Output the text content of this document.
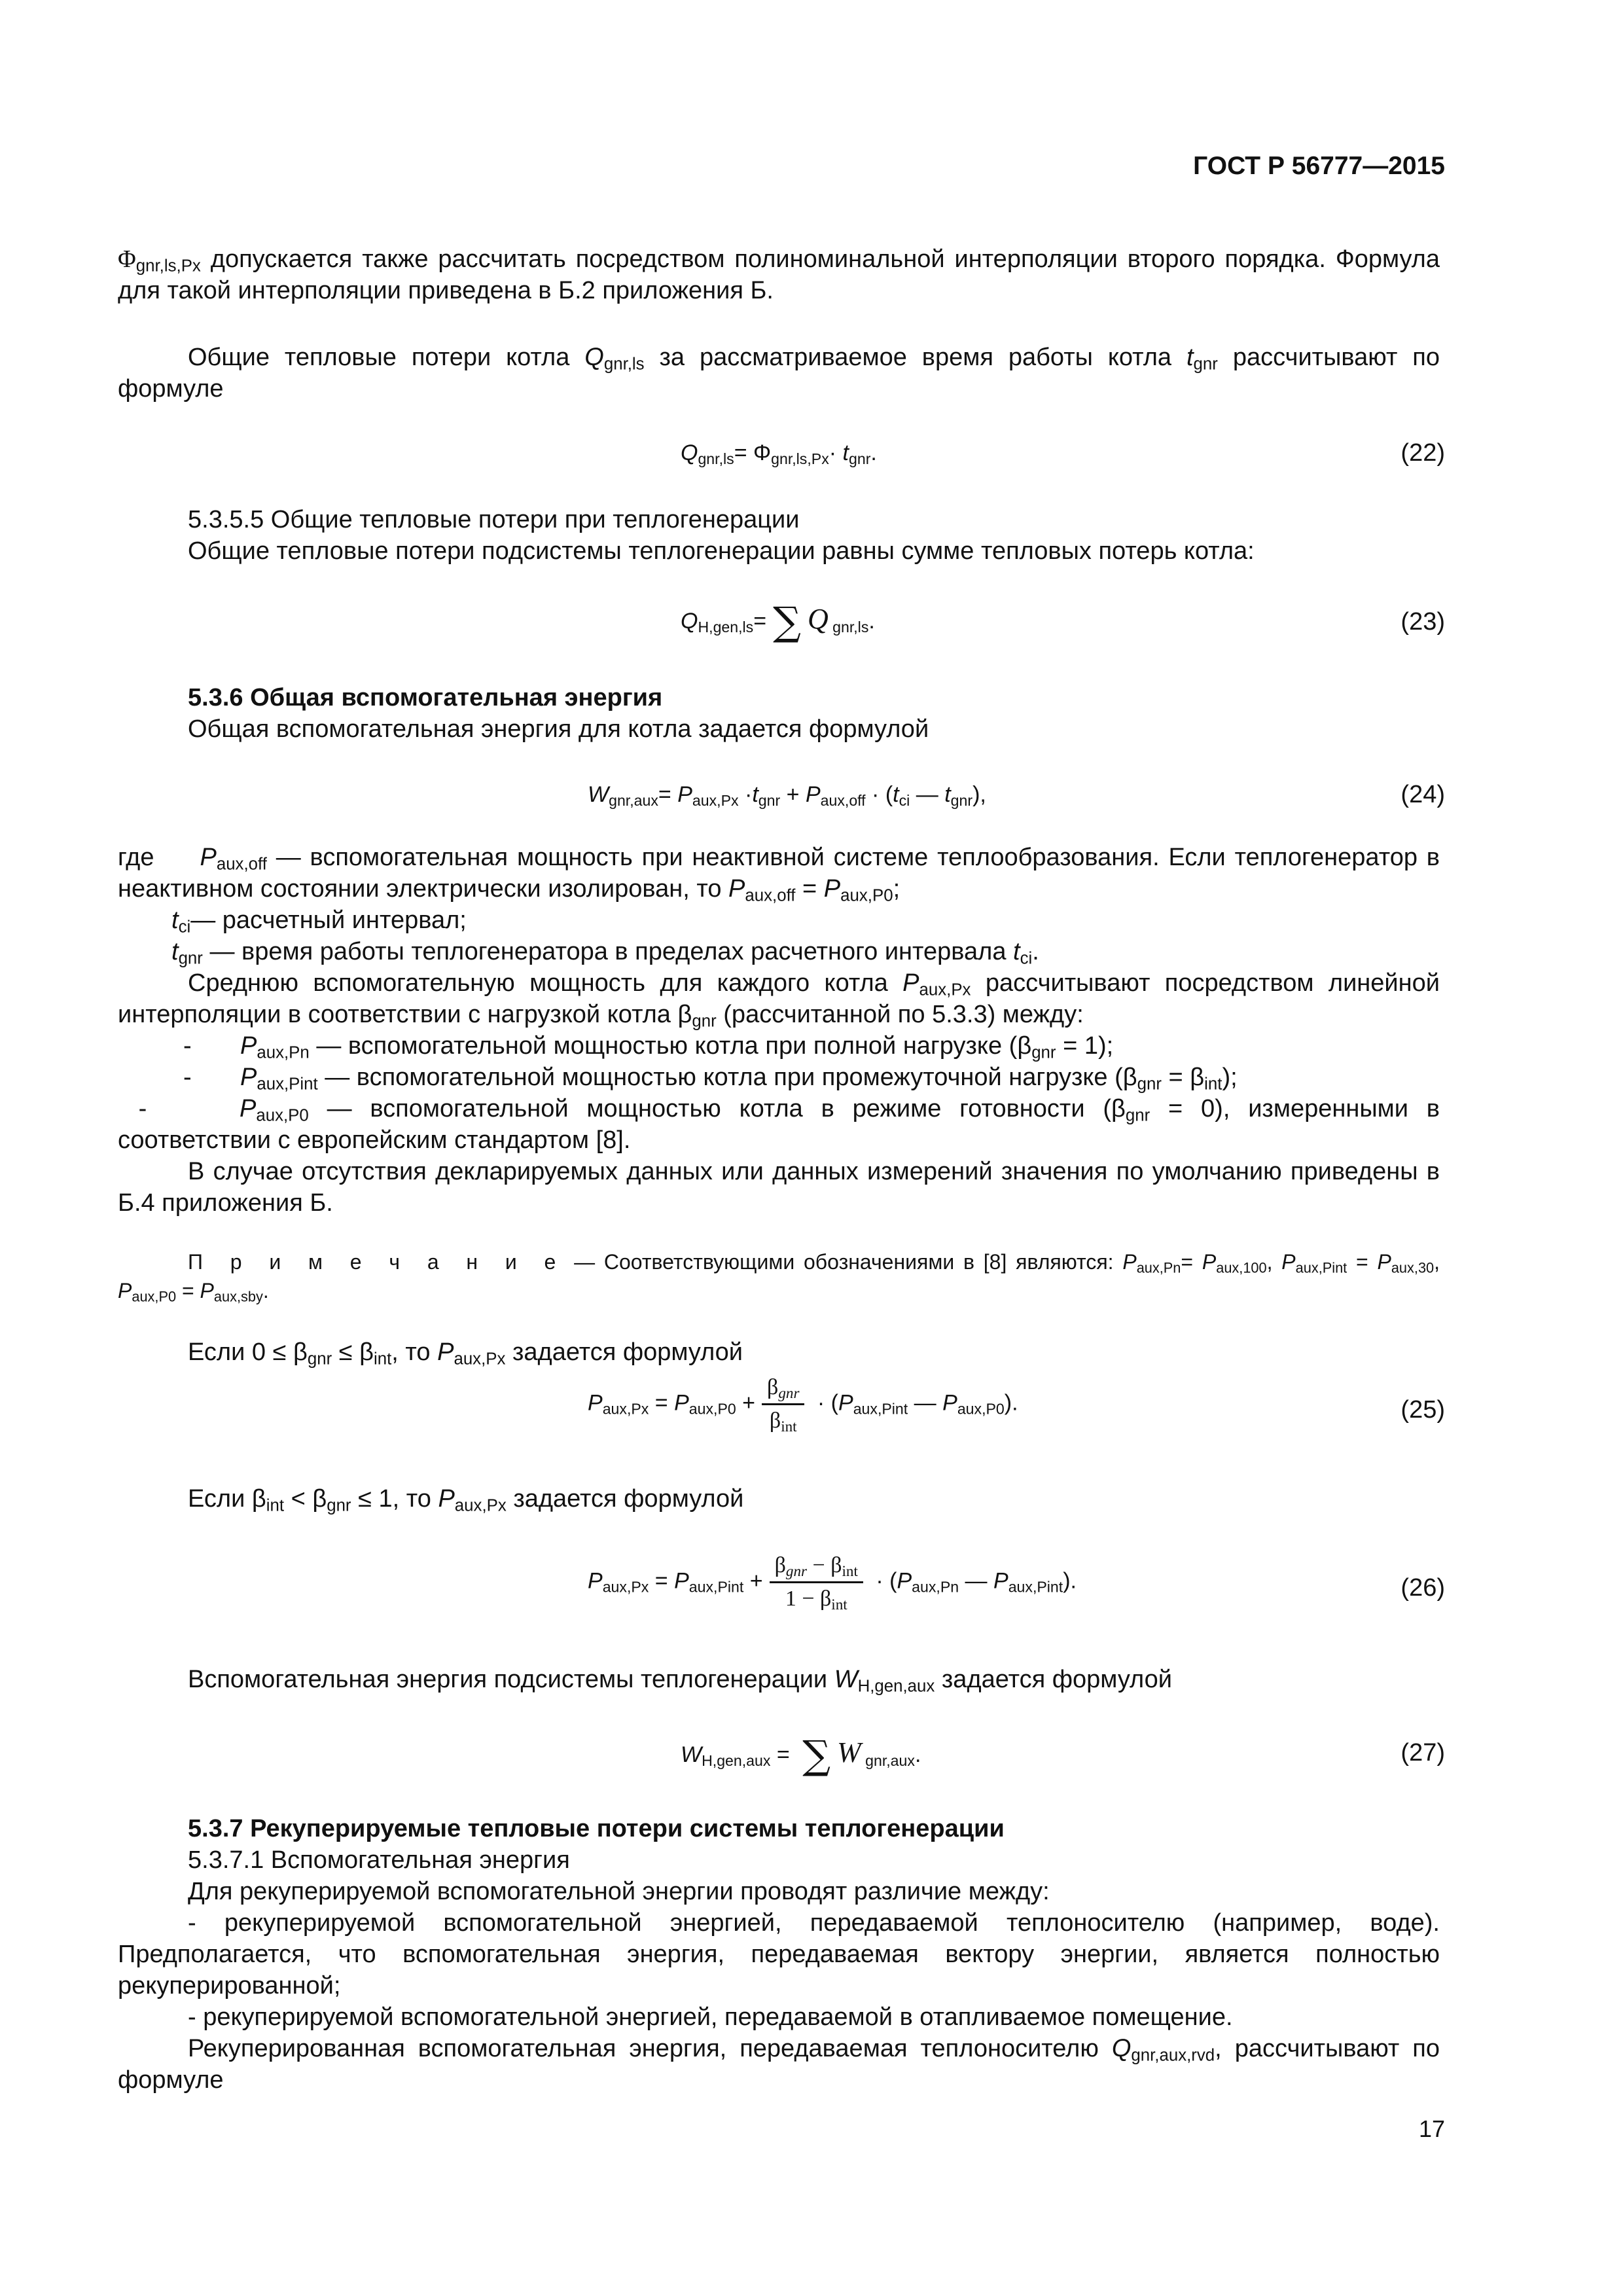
ГОСТ Р 56777—2015
$\Phi_{gnr,ls,Px}$ допускается также рассчитать посредством полиноминальной интерполяции второго порядка. Формула для такой интерполяции приведена в Б.2 приложения Б.
Общие тепловые потери котла $Q_{gnr,ls}$ за рассматриваемое время работы котла $t_{gnr}$ рассчитывают по формуле
$Q_{gnr,ls}= \Phi_{gnr,ls,Px}\cdot t_{gnr}$.	(22)
5.3.5.5 Общие тепловые потери при теплогенерации
Общие тепловые потери подсистемы теплогенерации равны сумме тепловых потерь котла:
$Q_{H,gen,ls}=$ ∑ Q $_{gnr,ls}$.	(23)
5.3.6 Общая вспомогательная энергия
Общая вспомогательная энергия для котла задается формулой
$W_{gnr,aux}= P_{aux,Px} \cdot t_{gnr} + P_{aux,off} \cdot (t_{ci}$ — $t_{gnr}$),	(24)
где $P_{aux,off}$ — вспомогательная мощность при неактивной системе теплообразования. Если теплогенератор в неактивном состоянии электрически изолирован, то $P_{aux,off} = P_{aux,P0}$;
$t_{ci}—$ расчетный интервал;
$t_{gnr}$ — время работы теплогенератора в пределах расчетного интервала $t_{ci}$.
Среднюю вспомогательную мощность для каждого котла $P_{aux,Px}$ рассчитывают посредством линейной интерполяции в соответствии с нагрузкой котла $\beta_{gnr}$ (рассчитанной по 5.3.3) между:
- $P_{aux,Pn}$ — вспомогательной мощностью котла при полной нагрузке $(\beta_{gnr} = 1)$;
- $P_{aux,Pint}$ — вспомогательной мощностью котла при промежуточной нагрузке $(\beta_{gnr} = \beta_{int})$;
-	$P_{aux,P0}$ — вспомогательной мощностью котла в режиме готовности $(\beta_{gnr} = 0)$, измеренными в соответствии с европейским стандартом [8].
В случае отсутствия декларируемых данных или данных измерений значения по умолчанию приведены в Б.4 приложения Б.
П р и м е ч а н и е — Соответствующими обозначениями в [8] являются: $P_{aux,Pn}= P_{aux,100}$, $P_{aux,Pint} = P_{aux,30}$, $P_{aux,P0} = P_{aux,sby}$.
Если $0 \le \beta_{gnr} \le \beta_{int}$, то $P_{aux,Px}$ задается формулой
$P_{aux,Px} = P_{aux,P0} + \frac{\beta_{gnr}}{\beta_{int}} \cdot (P_{aux,Pint}$ — $P_{aux,P0}$).	(25)
Если $\beta_{int} < \beta_{gnr} \le 1$, то $P_{aux,Px}$ задается формулой
$P_{aux,Px} = P_{aux,Pint} + \frac{\beta_{gnr} - \beta_{int}}{1 - \beta_{int}} \cdot (P_{aux,Pn}$ — $P_{aux,Pint}$).	(26)
Вспомогательная энергия подсистемы теплогенерации $W_{H,gen,aux}$ задается формулой
$W_{H,gen,aux}$ = ∑ W $_{gnr,aux}$.	(27)
5.3.7 Рекуперируемые тепловые потери системы теплогенерации
5.3.7.1 Вспомогательная энергия
Для рекуперируемой вспомогательной энергии проводят различие между:
- рекуперируемой вспомогательной энергией, передаваемой теплоносителю (например, воде). Предполагается, что вспомогательная энергия, передаваемая вектору энергии, является полностью рекуперированной;
- рекуперируемой вспомогательной энергией, передаваемой в отапливаемое помещение.
Рекуперированная вспомогательная энергия, передаваемая теплоносителю $Q_{gnr,aux,rvd}$, рассчитывают по формуле
17
